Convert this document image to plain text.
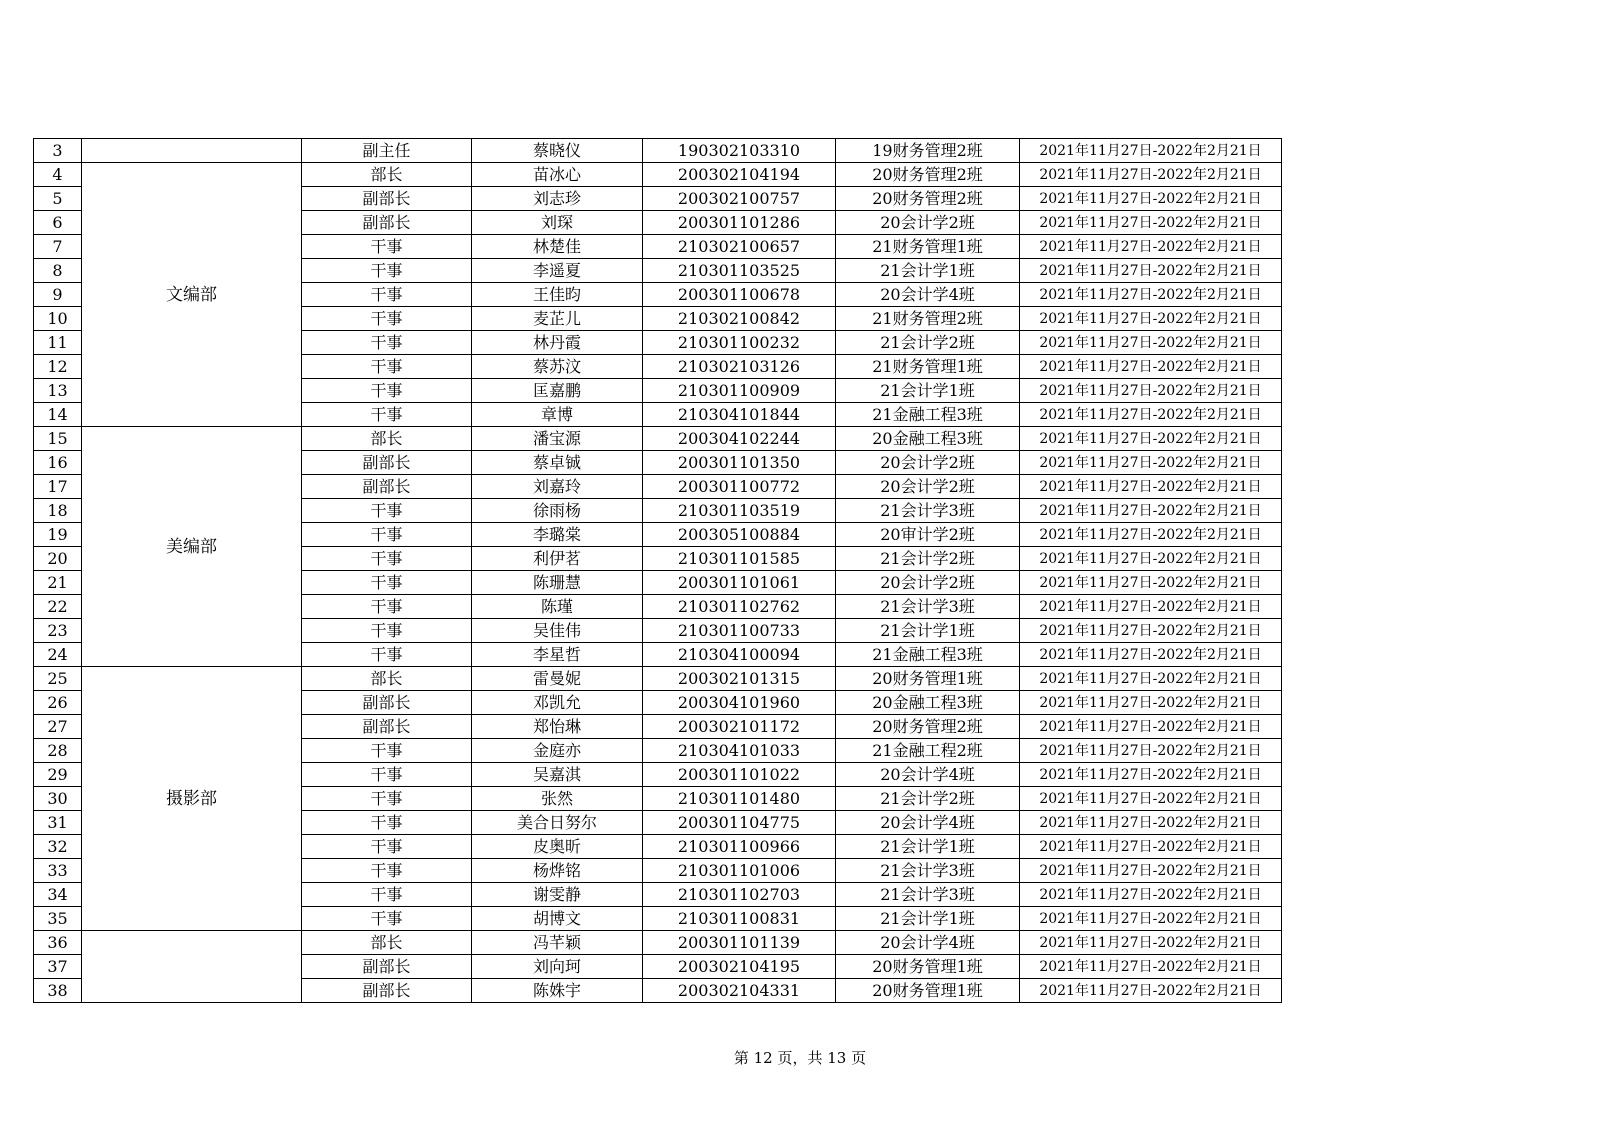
3		副主任	蔡晓仪	190302103310	19财务管理2班	2021年11月27日-2022年2月21日
4	文编部	部长	苗冰心	200302104194	20财务管理2班	2021年11月27日-2022年2月21日
5		副部长	刘志珍	200302100757	20财务管理2班	2021年11月27日-2022年2月21日
6		副部长	刘琛	200301101286	20会计学2班	2021年11月27日-2022年2月21日
7		干事	林楚佳	210302100657	21财务管理1班	2021年11月27日-2022年2月21日
8		干事	李遥夏	210301103525	21会计学1班	2021年11月27日-2022年2月21日
9		干事	王佳昀	200301100678	20会计学4班	2021年11月27日-2022年2月21日
10		干事	麦芷儿	210302100842	21财务管理2班	2021年11月27日-2022年2月21日
11		干事	林丹霞	210301100232	21会计学2班	2021年11月27日-2022年2月21日
12		干事	蔡苏汶	210302103126	21财务管理1班	2021年11月27日-2022年2月21日
13		干事	匡嘉鹏	210301100909	21会计学1班	2021年11月27日-2022年2月21日
14		干事	章博	210304101844	21金融工程3班	2021年11月27日-2022年2月21日
15	美编部	部长	潘宝源	200304102244	20金融工程3班	2021年11月27日-2022年2月21日
16		副部长	蔡卓铖	200301101350	20会计学2班	2021年11月27日-2022年2月21日
17		副部长	刘嘉玲	200301100772	20会计学2班	2021年11月27日-2022年2月21日
18		干事	徐雨杨	210301103519	21会计学3班	2021年11月27日-2022年2月21日
19		干事	李璐棠	200305100884	20审计学2班	2021年11月27日-2022年2月21日
20		干事	利伊茗	210301101585	21会计学2班	2021年11月27日-2022年2月21日
21		干事	陈珊慧	200301101061	20会计学2班	2021年11月27日-2022年2月21日
22		干事	陈瑾	210301102762	21会计学3班	2021年11月27日-2022年2月21日
23		干事	吴佳伟	210301100733	21会计学1班	2021年11月27日-2022年2月21日
24		干事	李星哲	210304100094	21金融工程3班	2021年11月27日-2022年2月21日
25	摄影部	部长	雷曼妮	200302101315	20财务管理1班	2021年11月27日-2022年2月21日
26		副部长	邓凯允	200304101960	20金融工程3班	2021年11月27日-2022年2月21日
27		副部长	郑怡琳	200302101172	20财务管理2班	2021年11月27日-2022年2月21日
28		干事	金庭亦	210304101033	21金融工程2班	2021年11月27日-2022年2月21日
29		干事	吴嘉淇	200301101022	20会计学4班	2021年11月27日-2022年2月21日
30		干事	张然	210301101480	21会计学2班	2021年11月27日-2022年2月21日
31		干事	美合日努尔	200301104775	20会计学4班	2021年11月27日-2022年2月21日
32		干事	皮奥昕	210301100966	21会计学1班	2021年11月27日-2022年2月21日
33		干事	杨烨铭	210301101006	21会计学3班	2021年11月27日-2022年2月21日
34		干事	谢雯静	210301102703	21会计学3班	2021年11月27日-2022年2月21日
35		干事	胡博文	210301100831	21会计学1班	2021年11月27日-2022年2月21日
36		部长	冯芊颖	200301101139	20会计学4班	2021年11月27日-2022年2月21日
37		副部长	刘向珂	200302104195	20财务管理1班	2021年11月27日-2022年2月21日
38		副部长	陈姝宇	200302104331	20财务管理1班	2021年11月27日-2022年2月21日
第 12 页，共 13 页
